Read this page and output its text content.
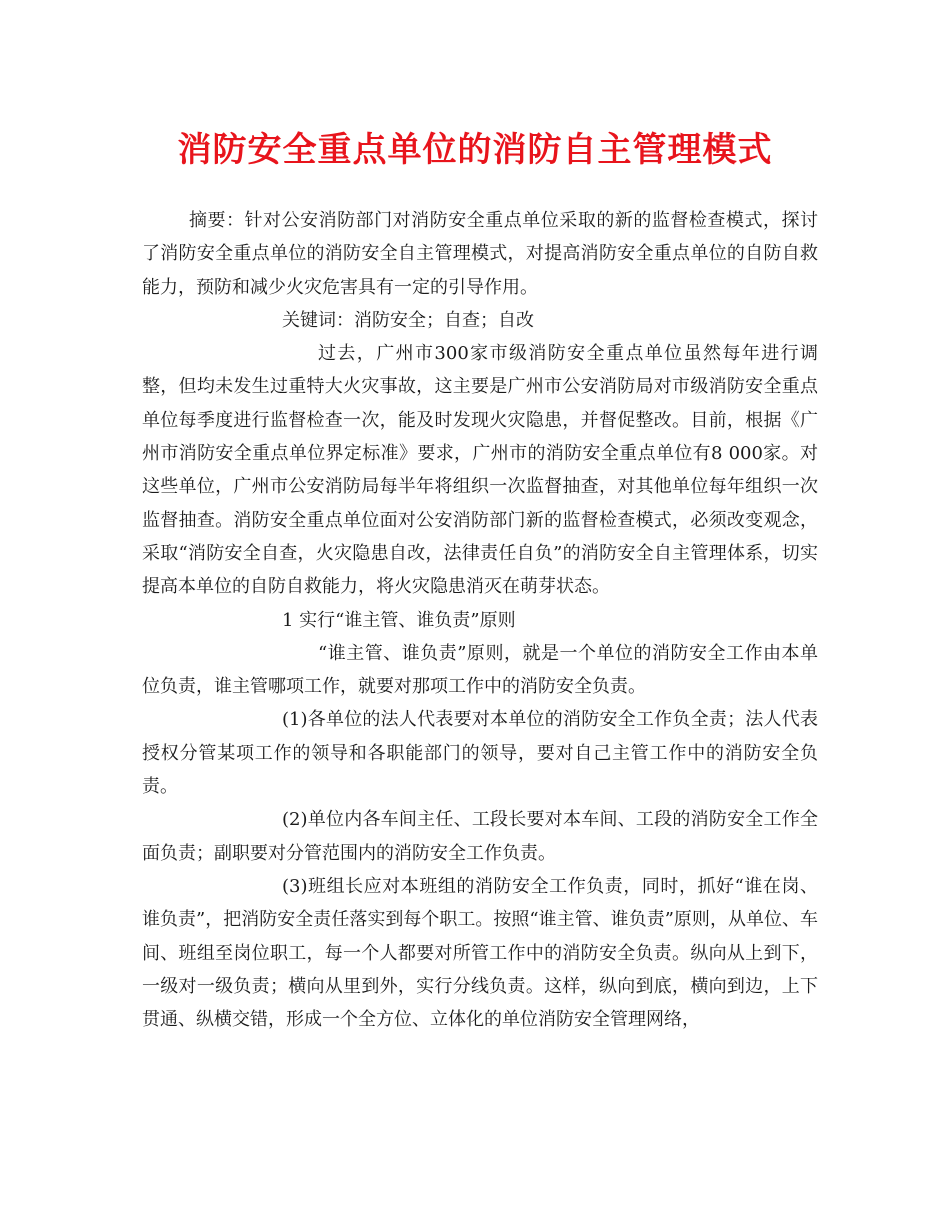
消防安全重点单位的消防自主管理模式

摘要：针对公安消防部门对消防安全重点单位采取的新的监督检查模式，探讨了消防安全重点单位的消防安全自主管理模式，对提高消防安全重点单位的自防自救能力，预防和减少火灾危害具有一定的引导作用。

关键词：消防安全；自查；自改

过去，广州市300家市级消防安全重点单位虽然每年进行调整，但均未发生过重特大火灾事故，这主要是广州市公安消防局对市级消防安全重点单位每季度进行监督检查一次，能及时发现火灾隐患，并督促整改。目前，根据《广州市消防安全重点单位界定标准》要求，广州市的消防安全重点单位有8 000家。对这些单位，广州市公安消防局每半年将组织一次监督抽查，对其他单位每年组织一次监督抽查。消防安全重点单位面对公安消防部门新的监督检查模式，必须改变观念，采取“消防安全自查，火灾隐患自改，法律责任自负”的消防安全自主管理体系，切实提高本单位的自防自救能力，将火灾隐患消灭在萌芽状态。

1 实行“谁主管、谁负责”原则

“谁主管、谁负责”原则，就是一个单位的消防安全工作由本单位负责，谁主管哪项工作，就要对那项工作中的消防安全负责。

(1)各单位的法人代表要对本单位的消防安全工作负全责；法人代表授权分管某项工作的领导和各职能部门的领导，要对自己主管工作中的消防安全负责。

(2)单位内各车间主任、工段长要对本车间、工段的消防安全工作全面负责；副职要对分管范围内的消防安全工作负责。

(3)班组长应对本班组的消防安全工作负责，同时，抓好“谁在岗、谁负责”，把消防安全责任落实到每个职工。按照“谁主管、谁负责”原则，从单位、车间、班组至岗位职工，每一个人都要对所管工作中的消防安全负责。纵向从上到下，一级对一级负责；横向从里到外，实行分线负责。这样，纵向到底，横向到边，上下贯通、纵横交错，形成一个全方位、立体化的单位消防安全管理网络，
